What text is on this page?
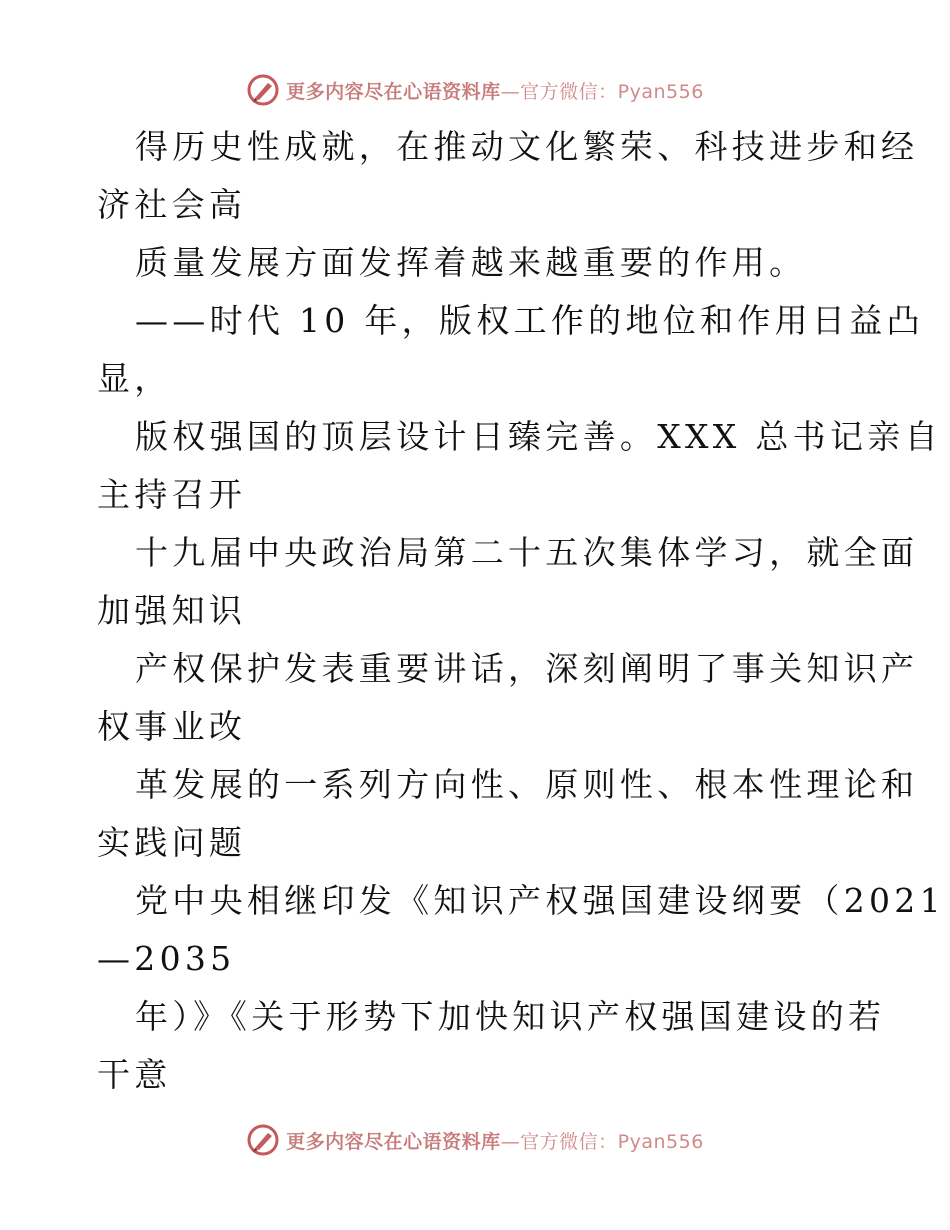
更多内容尽在心语资料库—官方微信：Pyan556
得历史性成就，在推动文化繁荣、科技进步和经
济社会高
质量发展方面发挥着越来越重要的作用。
——时代 10 年，版权工作的地位和作用日益凸
显，
版权强国的顶层设计日臻完善。XXX 总书记亲自
主持召开
十九届中央政治局第二十五次集体学习，就全面
加强知识
产权保护发表重要讲话，深刻阐明了事关知识产
权事业改
革发展的一系列方向性、原则性、根本性理论和
实践问题
党中央相继印发《知识产权强国建设纲要（2021
—2035
年）》《关于形势下加快知识产权强国建设的若
干意
更多内容尽在心语资料库—官方微信：Pyan556
